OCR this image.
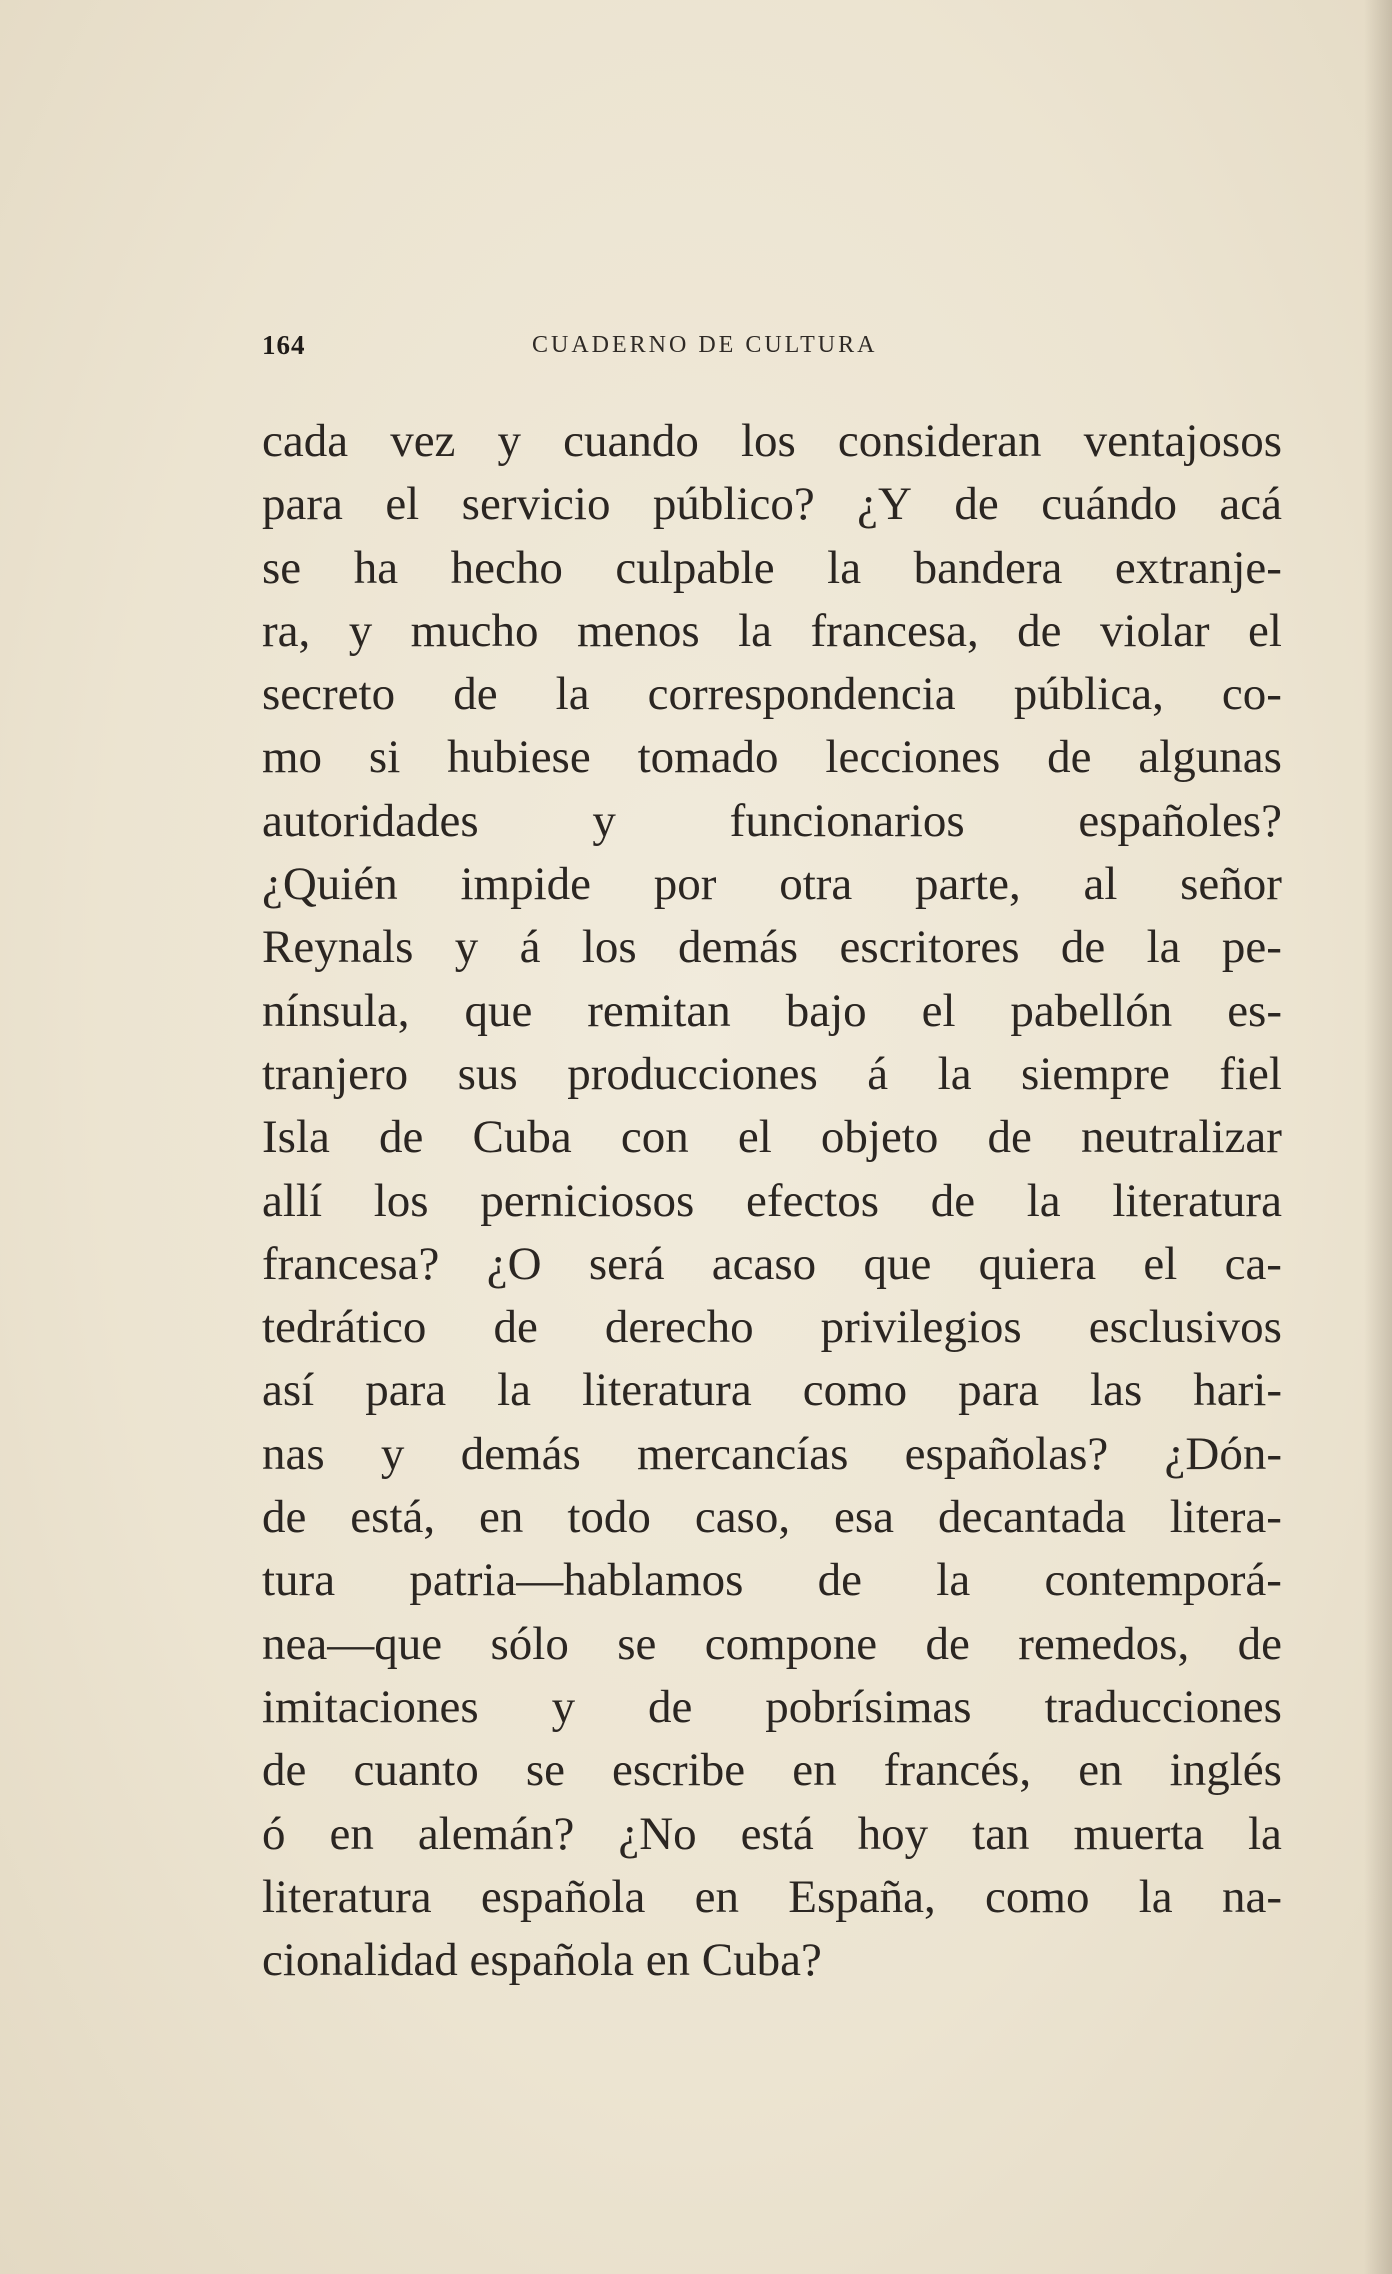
164	CUADERNO DE CULTURA
cada vez y cuando los consideran ventajosos
para el servicio público? ¿Y de cuándo acá
se ha hecho culpable la bandera extranje-
ra, y mucho menos la francesa, de violar el
secreto de la correspondencia pública, co-
mo si hubiese tomado lecciones de algunas
autoridades y funcionarios españoles?
¿Quién impide por otra parte, al señor
Reynals y á los demás escritores de la pe-
nínsula, que remitan bajo el pabellón es-
tranjero sus producciones á la siempre fiel
Isla de Cuba con el objeto de neutralizar
allí los perniciosos efectos de la literatura
francesa? ¿O será acaso que quiera el ca-
tedrático de derecho privilegios esclusivos
así para la literatura como para las hari-
nas y demás mercancías españolas? ¿Dón-
de está, en todo caso, esa decantada litera-
tura patria—hablamos de la contemporá-
nea—que sólo se compone de remedos, de
imitaciones y de pobrísimas traducciones
de cuanto se escribe en francés, en inglés
ó en alemán? ¿No está hoy tan muerta la
literatura española en España, como la na-
cionalidad española en Cuba?
